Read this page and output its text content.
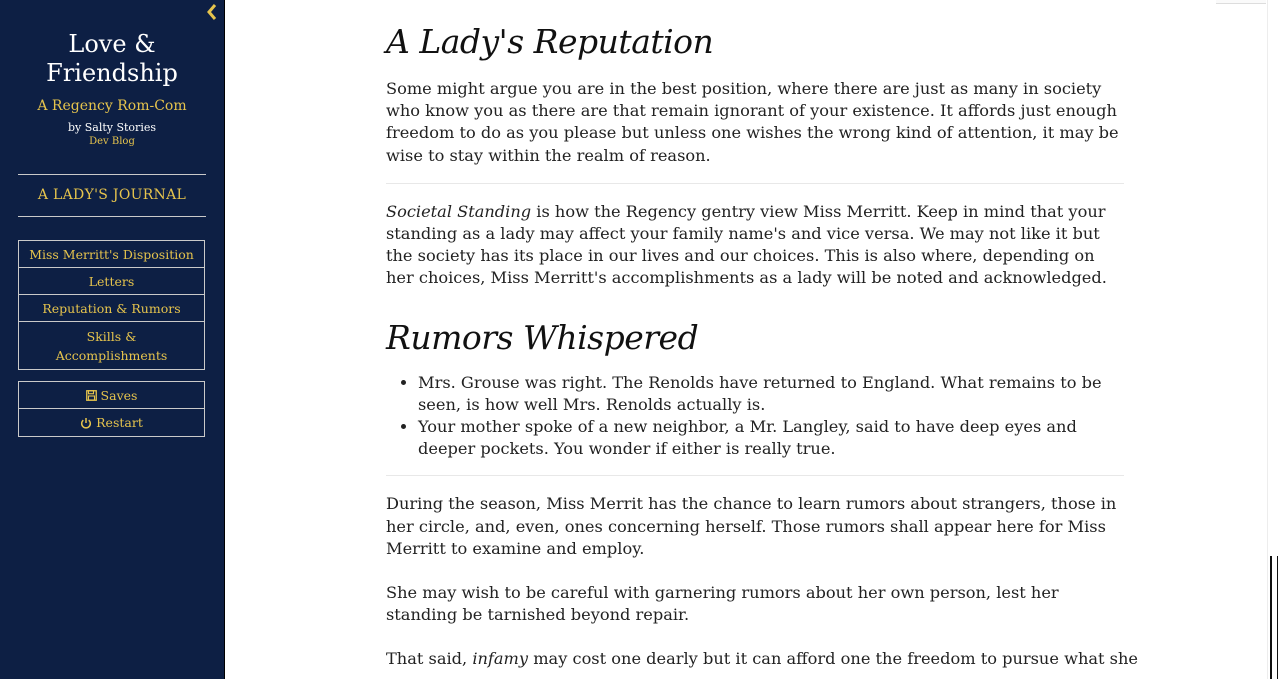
Love & Friendship
A Regency Rom-Com
by Salty Stories
Dev Blog
A LADY'S JOURNAL
Miss Merritt's Disposition
Letters
Reputation & Rumors
Skills & Accomplishments
Saves
Restart
A Lady's Reputation

Some might argue you are in the best position, where there are just as many in society who know you as there are that remain ignorant of your existence. It affords just enough freedom to do as you please but unless one wishes the wrong kind of attention, it may be wise to stay within the realm of reason.

Societal Standing is how the Regency gentry view Miss Merritt. Keep in mind that your standing as a lady may affect your family name's and vice versa. We may not like it but the society has its place in our lives and our choices. This is also where, depending on her choices, Miss Merritt's accomplishments as a lady will be noted and acknowledged.

Rumors Whispered
• Mrs. Grouse was right. The Renolds have returned to England. What remains to be seen, is how well Mrs. Renolds actually is.
• Your mother spoke of a new neighbor, a Mr. Langley, said to have deep eyes and deeper pockets. You wonder if either is really true.

During the season, Miss Merrit has the chance to learn rumors about strangers, those in her circle, and, even, ones concerning herself. Those rumors shall appear here for Miss Merritt to examine and employ.

She may wish to be careful with garnering rumors about her own person, lest her standing be tarnished beyond repair.

That said, infamy may cost one dearly but it can afford one the freedom to pursue what she
